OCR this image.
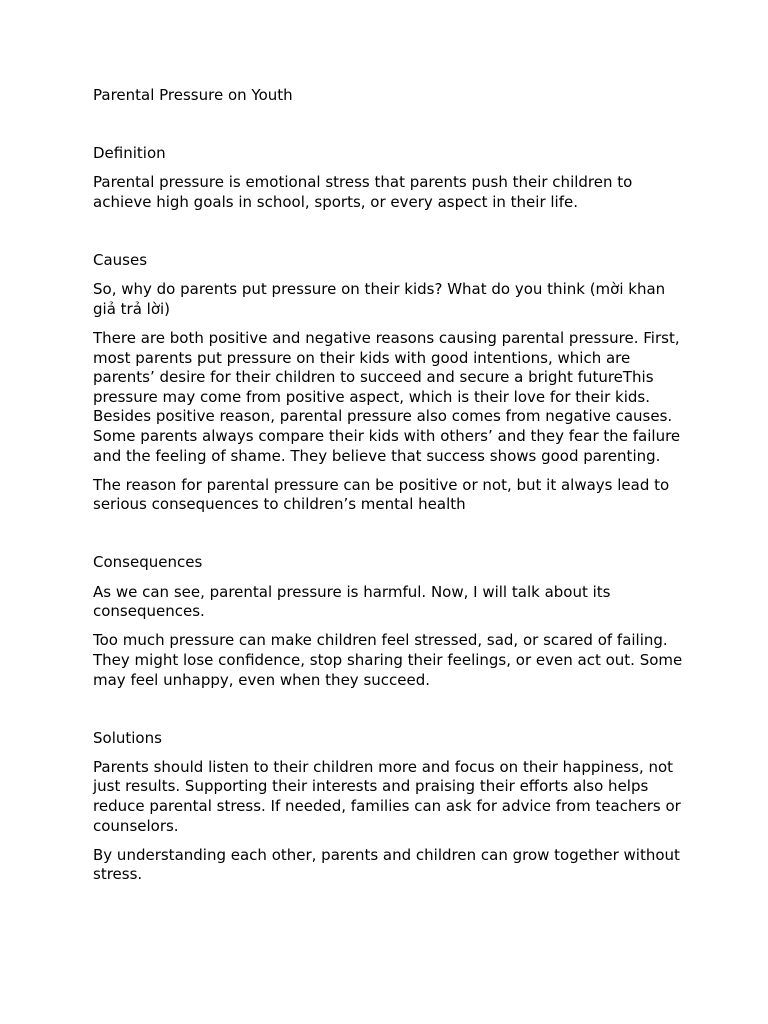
Parental Pressure on Youth

Definition

Parental pressure is emotional stress that parents push their children to achieve high goals in school, sports, or every aspect in their life.

Causes

So, why do parents put pressure on their kids? What do you think (mời khan giả trả lời)

There are both positive and negative reasons causing parental pressure. First, most parents put pressure on their kids with good intentions, which are parents’ desire for their children to succeed and secure a bright futureThis pressure may come from positive aspect, which is their love for their kids. Besides positive reason, parental pressure also comes from negative causes. Some parents always compare their kids with others’ and they fear the failure and the feeling of shame. They believe that success shows good parenting.

The reason for parental pressure can be positive or not, but it always lead to serious consequences to children’s mental health

Consequences

As we can see, parental pressure is harmful. Now, I will talk about its consequences.

Too much pressure can make children feel stressed, sad, or scared of failing. They might lose confidence, stop sharing their feelings, or even act out. Some may feel unhappy, even when they succeed.

Solutions

Parents should listen to their children more and focus on their happiness, not just results. Supporting their interests and praising their efforts also helps reduce parental stress. If needed, families can ask for advice from teachers or counselors.

By understanding each other, parents and children can grow together without stress.
